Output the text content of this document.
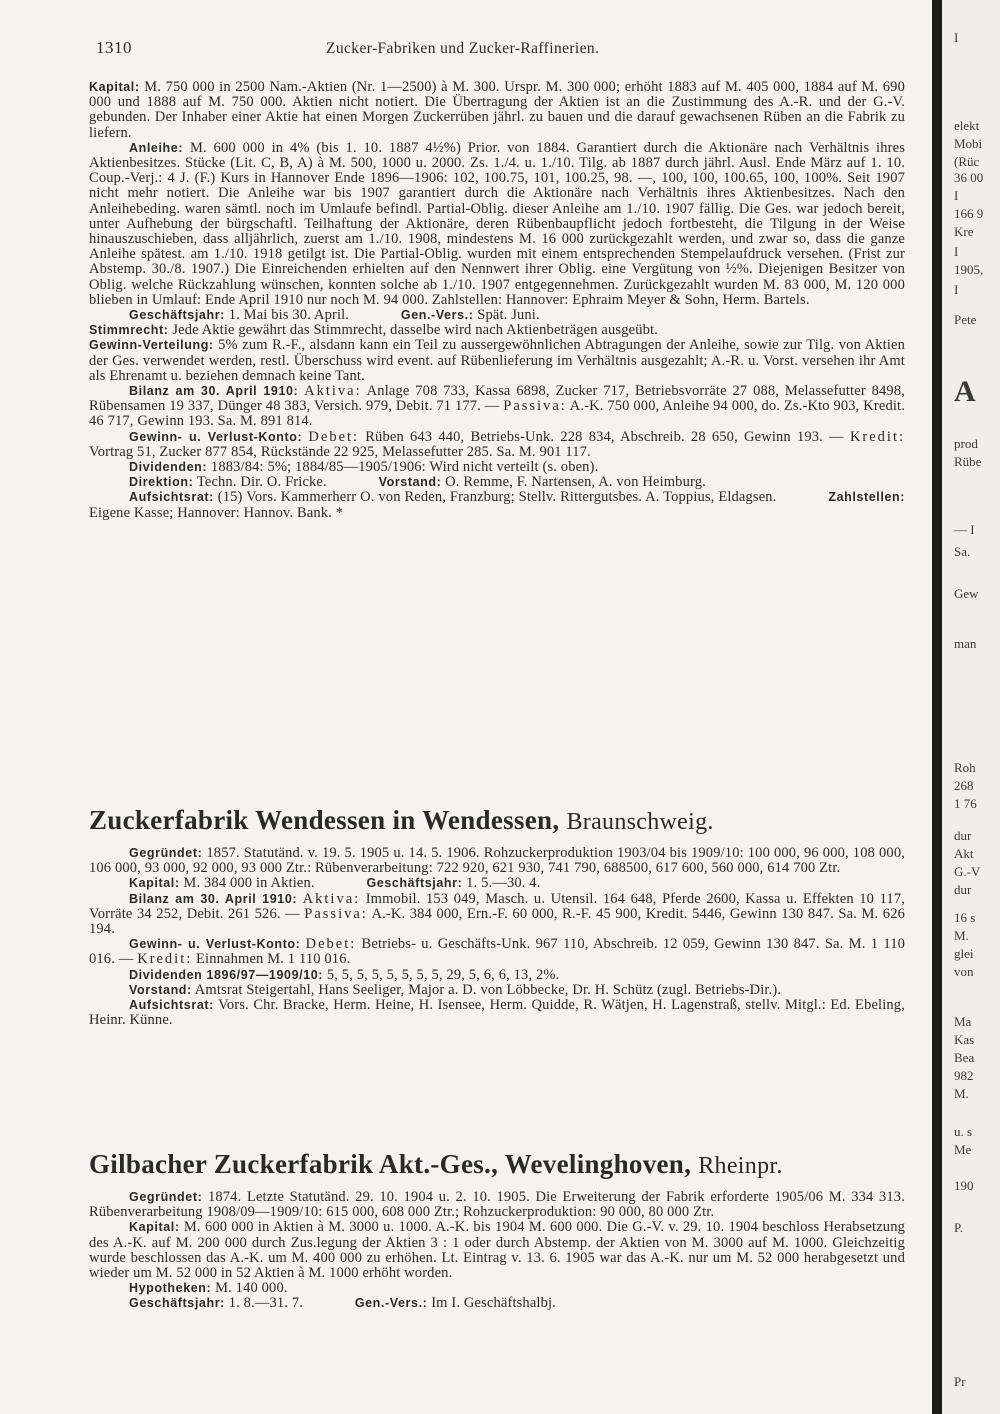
1310	Zucker-Fabriken und Zucker-Raffinerien.

Kapital: M. 750 000 in 2500 Nam.-Aktien (Nr. 1—2500) à M. 300. Urspr. M. 300 000; erhöht 1883 auf M. 405 000, 1884 auf M. 690 000 und 1888 auf M. 750 000. Aktien nicht notiert. Die Übertragung der Aktien ist an die Zustimmung des A.-R. und der G.-V. gebunden. Der Inhaber einer Aktie hat einen Morgen Zuckerrüben jährl. zu bauen und die darauf gewachsenen Rüben an die Fabrik zu liefern.

Anleihe: M. 600 000 in 4% (bis 1. 10. 1887 4½%) Prior. von 1884. Garantiert durch die Aktionäre nach Verhältnis ihres Aktienbesitzes. Stücke (Lit. C, B, A) à M. 500, 1000 u. 2000. Zs. 1./4. u. 1./10. Tilg. ab 1887 durch jährl. Ausl. Ende März auf 1. 10. Coup.-Verj.: 4 J. (F.) Kurs in Hannover Ende 1896—1906: 102, 100.75, 101, 100.25, 98. —, 100, 100, 100.65, 100, 100%. Seit 1907 nicht mehr notiert. Die Anleihe war bis 1907 garantiert durch die Aktionäre nach Verhältnis ihres Aktienbesitzes. Nach den Anleihebeding. waren sämtl. noch im Umlaufe befindl. Partial-Oblig. dieser Anleihe am 1./10. 1907 fällig. Die Ges. war jedoch bereit, unter Aufhebung der bürgschaftl. Teilhaftung der Aktionäre, deren Rübenbaupflicht jedoch fortbesteht, die Tilgung in der Weise hinauszuschieben, dass alljährlich, zuerst am 1./10. 1908, mindestens M. 16 000 zurückgezahlt werden, und zwar so, dass die ganze Anleihe spätest. am 1./10. 1918 getilgt ist. Die Partial-Oblig. wurden mit einem entsprechenden Stempelaufdruck versehen. (Frist zur Abstemp. 30./8. 1907.) Die Einreichenden erhielten auf den Nennwert ihrer Oblig. eine Vergütung von ½%. Diejenigen Besitzer von Oblig. welche Rückzahlung wünschen, konnten solche ab 1./10. 1907 entgegennehmen. Zurückgezahlt wurden M. 83 000, M. 120 000 blieben in Umlauf: Ende April 1910 nur noch M. 94 000. Zahlstellen: Hannover: Ephraim Meyer & Sohn, Herm. Bartels.

Geschäftsjahr: 1. Mai bis 30. April.	Gen.-Vers.: Spät. Juni.

Stimmrecht: Jede Aktie gewährt das Stimmrecht, dasselbe wird nach Aktienbeträgen ausgeübt.

Gewinn-Verteilung: 5% zum R.-F., alsdann kann ein Teil zu aussergewöhnlichen Abtragungen der Anleihe, sowie zur Tilg. von Aktien der Ges. verwendet werden, restl. Überschuss wird event. auf Rübenlieferung im Verhältnis ausgezahlt; A.-R. u. Vorst. versehen ihr Amt als Ehrenamt u. beziehen demnach keine Tant.

Bilanz am 30. April 1910: Aktiva: Anlage 708 733, Kassa 6898, Zucker 717, Betriebsvorräte 27 088, Melassefutter 8498, Rübensamen 19 337, Dünger 48 383, Versich. 979, Debit. 71 177. — Passiva: A.-K. 750 000, Anleihe 94 000, do. Zs.-Kto 903, Kredit. 46 717, Gewinn 193. Sa. M. 891 814.

Gewinn- u. Verlust-Konto: Debet: Rüben 643 440, Betriebs-Unk. 228 834, Abschreib. 28 650, Gewinn 193. — Kredit: Vortrag 51, Zucker 877 854, Rückstände 22 925, Melassefutter 285. Sa. M. 901 117.

Dividenden: 1883/84: 5%; 1884/85—1905/1906: Wird nicht verteilt (s. oben).

Direktion: Techn. Dir. O. Fricke.	Vorstand: O. Remme, F. Nartensen, A. von Heimburg.

Aufsichtsrat: (15) Vors. Kammerherr O. von Reden, Franzburg; Stellv. Rittergutsbes. A. Toppius, Eldagsen.	Zahlstellen: Eigene Kasse; Hannover: Hannov. Bank. *

Zuckerfabrik Wendessen in Wendessen, Braunschweig.

Gegründet: 1857. Statutänd. v. 19. 5. 1905 u. 14. 5. 1906. Rohzuckerproduktion 1903/04 bis 1909/10: 100 000, 96 000, 108 000, 106 000, 93 000, 92 000, 93 000 Ztr.: Rübenverarbeitung: 722 920, 621 930, 741 790, 688500, 617 600, 560 000, 614 700 Ztr.

Kapital: M. 384 000 in Aktien.	Geschäftsjahr: 1. 5.—30. 4.

Bilanz am 30. April 1910: Aktiva: Immobil. 153 049, Masch. u. Utensil. 164 648, Pferde 2600, Kassa u. Effekten 10 117, Vorräte 34 252, Debit. 261 526. — Passiva: A.-K. 384 000, Ern.-F. 60 000, R.-F. 45 900, Kredit. 5446, Gewinn 130 847. Sa. M. 626 194.

Gewinn- u. Verlust-Konto: Debet: Betriebs- u. Geschäfts-Unk. 967 110, Abschreib. 12 059, Gewinn 130 847. Sa. M. 1 110 016. — Kredit: Einnahmen M. 1 110 016.

Dividenden 1896/97—1909/10: 5, 5, 5, 5, 5, 5, 5, 5, 29, 5, 6, 6, 13, 2%.

Vorstand: Amtsrat Steigertahl, Hans Seeliger, Major a. D. von Löbbecke, Dr. H. Schütz (zugl. Betriebs-Dir.).

Aufsichtsrat: Vors. Chr. Bracke, Herm. Heine, H. Isensee, Herm. Quidde, R. Wätjen, H. Lagenstraß, stellv. Mitgl.: Ed. Ebeling, Heinr. Künne.

Gilbacher Zuckerfabrik Akt.-Ges., Wevelinghoven, Rheinpr.

Gegründet: 1874. Letzte Statutänd. 29. 10. 1904 u. 2. 10. 1905. Die Erweiterung der Fabrik erforderte 1905/06 M. 334 313. Rübenverarbeitung 1908/09—1909/10: 615 000, 608 000 Ztr.; Rohzuckerproduktion: 90 000, 80 000 Ztr.

Kapital: M. 600 000 in Aktien à M. 3000 u. 1000. A.-K. bis 1904 M. 600 000. Die G.-V. v. 29. 10. 1904 beschloss Herabsetzung des A.-K. auf M. 200 000 durch Zus.legung der Aktien 3 : 1 oder durch Abstemp. der Aktien von M. 3000 auf M. 1000. Gleichzeitig wurde beschlossen das A.-K. um M. 400 000 zu erhöhen. Lt. Eintrag v. 13. 6. 1905 war das A.-K. nur um M. 52 000 herabgesetzt und wieder um M. 52 000 in 52 Aktien à M. 1000 erhöht worden.

Hypotheken: M. 140 000.

Geschäftsjahr: 1. 8.—31. 7.	Gen.-Vers.: Im I. Geschäftshalbj.

I
elekt
Mobi
(Rüc
36 00
I
166 9
Kre
I
1905,
I
Pete
A
prod
Rübe
— I
Sa.
Gew
man
Roh
268
1 76
dur
Akt
G.-V
dur
16 s
M.
glei
von
Ma
Kas
Bea
982
M.
u. s
Me
190
P.
Pr
